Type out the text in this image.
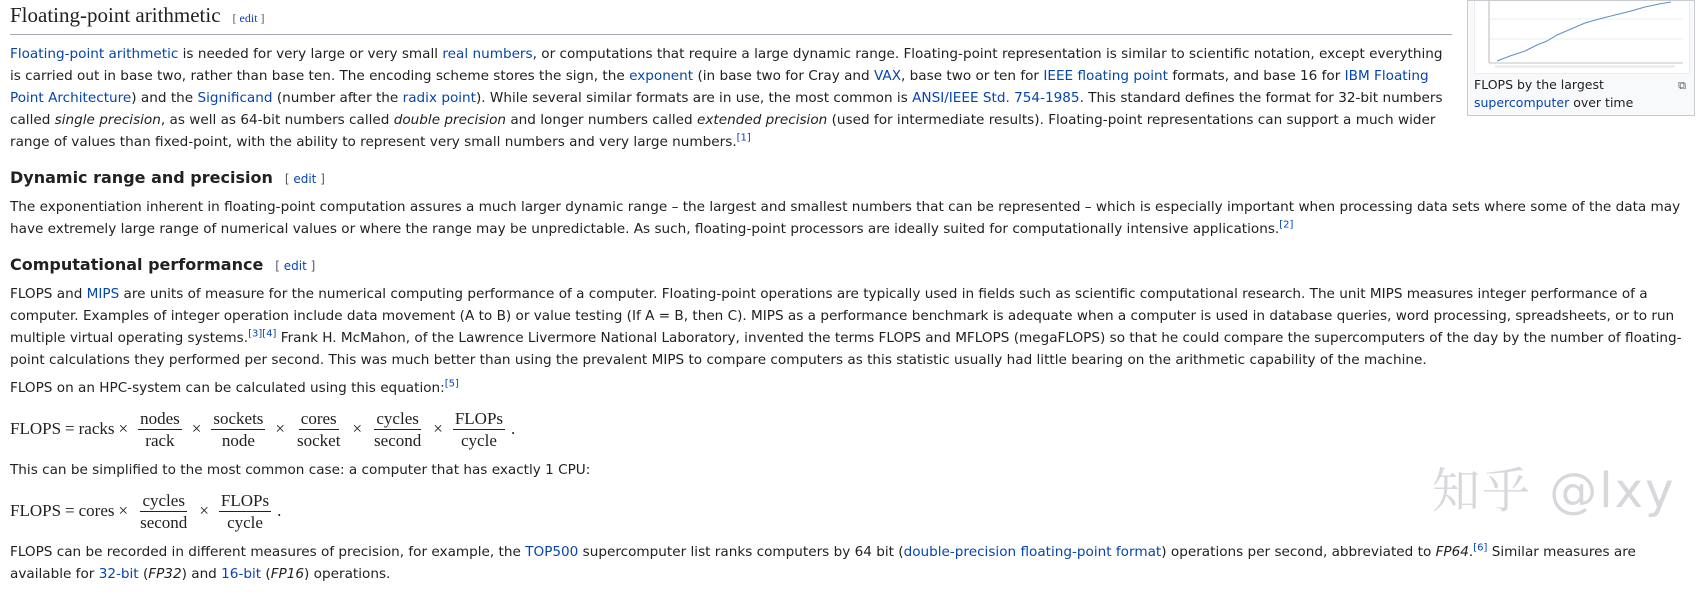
FLOPS by the largest
supercomputer over time
⧉
Floating-point arithmetic [ edit ]

Floating-point arithmetic is needed for very large or very small real numbers, or computations that require a large dynamic range. Floating-point representation is similar to scientific notation, except everything is carried out in base two, rather than base ten. The encoding scheme stores the sign, the exponent (in base two for Cray and VAX, base two or ten for IEEE floating point formats, and base 16 for IBM Floating Point Architecture) and the Significand (number after the radix point). While several similar formats are in use, the most common is ANSI/IEEE Std. 754-1985. This standard defines the format for 32-bit numbers called single precision, as well as 64-bit numbers called double precision and longer numbers called extended precision (used for intermediate results). Floating-point representations can support a much wider range of values than fixed-point, with the ability to represent very small numbers and very large numbers.[1]

Dynamic range and precision [ edit ]

The exponentiation inherent in floating-point computation assures a much larger dynamic range – the largest and smallest numbers that can be represented – which is especially important when processing data sets where some of the data may have extremely large range of numerical values or where the range may be unpredictable. As such, floating-point processors are ideally suited for computationally intensive applications.[2]

Computational performance [ edit ]

FLOPS and MIPS are units of measure for the numerical computing performance of a computer. Floating-point operations are typically used in fields such as scientific computational research. The unit MIPS measures integer performance of a computer. Examples of integer operation include data movement (A to B) or value testing (If A = B, then C). MIPS as a performance benchmark is adequate when a computer is used in database queries, word processing, spreadsheets, or to run multiple virtual operating systems.[3][4] Frank H. McMahon, of the Lawrence Livermore National Laboratory, invented the terms FLOPS and MFLOPS (megaFLOPS) so that he could compare the supercomputers of the day by the number of floating-point calculations they performed per second. This was much better than using the prevalent MIPS to compare computers as this statistic usually had little bearing on the arithmetic capability of the machine.

FLOPS on an HPC-system can be calculated using this equation:[5]

FLOPS = racks × $\frac{\text{nodes}}{\text{rack}} \times \frac{\text{sockets}}{\text{node}} \times \frac{\text{cores}}{\text{socket}} \times \frac{\text{cycles}}{\text{second}} \times \frac{\text{FLOPs}}{\text{cycle}}$ .

This can be simplified to the most common case: a computer that has exactly 1 CPU:

FLOPS = cores × $\frac{\text{cycles}}{\text{second}} \times \frac{\text{FLOPs}}{\text{cycle}}$ .

FLOPS can be recorded in different measures of precision, for example, the TOP500 supercomputer list ranks computers by 64 bit (double-precision floating-point format) operations per second, abbreviated to FP64.[6] Similar measures are available for 32-bit (FP32) and 16-bit (FP16) operations.

知乎 @lxy
